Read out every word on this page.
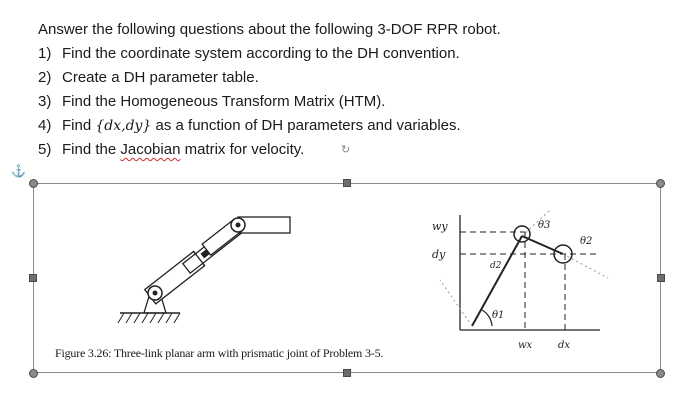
Answer the following questions about the following 3-DOF RPR robot.
1 )	Find the coordinate system according to the DH convention.
2 )	Create a DH parameter table.
3 )	Find the Homogeneous Transform Matrix (HTM).
4 )	Find {dx,dy} as a function of DH parameters and variables.
5 )	Find the Jacobian matrix for velocity.
⚓
↻
wy
dy
wx	dx
θ1
θ2
θ3
d2
Figure 3.26: Three-link planar arm with prismatic joint of Problem 3-5.
